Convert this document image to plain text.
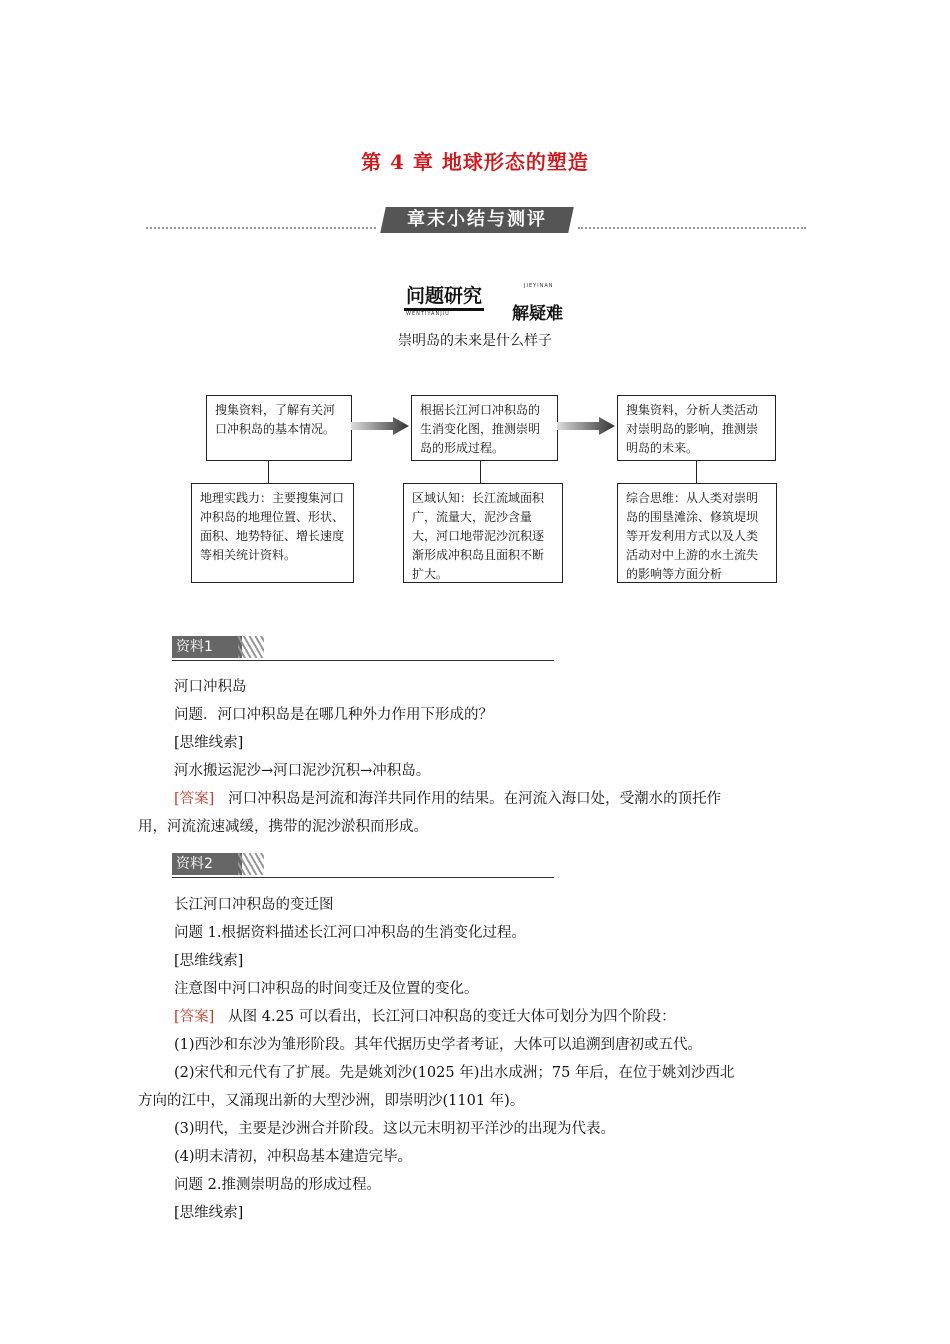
第 4 章 地球形态的塑造
章末小结与测评
问题研究	JIEYINAN
WENTIYANJIU	解疑难
崇明岛的未来是什么样子
搜集资料，了解有关河口冲积岛的基本情况。
根据长江河口冲积岛的生消变化图，推测崇明岛的形成过程。
搜集资料，分析人类活动对崇明岛的影响，推测崇明岛的未来。
地理实践力：主要搜集河口冲积岛的地理位置、形状、面积、地势特征、增长速度等相关统计资料。
区域认知：长江流域面积广，流量大，泥沙含量大，河口地带泥沙沉积逐渐形成冲积岛且面积不断扩大。
综合思维：从人类对崇明岛的围垦滩涂、修筑堤坝等开发利用方式以及人类活动对中上游的水土流失的影响等方面分析
资料1
河口冲积岛
问题．河口冲积岛是在哪几种外力作用下形成的？
[思维线索]
河水搬运泥沙→河口泥沙沉积→冲积岛。
[答案] 河口冲积岛是河流和海洋共同作用的结果。在河流入海口处，受潮水的顶托作
用，河流流速减缓，携带的泥沙淤积而形成。
资料2
长江河口冲积岛的变迁图
问题 1.根据资料描述长江河口冲积岛的生消变化过程。
[思维线索]
注意图中河口冲积岛的时间变迁及位置的变化。
[答案] 从图 4.25 可以看出，长江河口冲积岛的变迁大体可划分为四个阶段：
(1)西沙和东沙为雏形阶段。其年代据历史学者考证，大体可以追溯到唐初或五代。
(2)宋代和元代有了扩展。先是姚刘沙(1025 年)出水成洲；75 年后，在位于姚刘沙西北
方向的江中，又涌现出新的大型沙洲，即崇明沙(1101 年)。
(3)明代，主要是沙洲合并阶段。这以元末明初平洋沙的出现为代表。
(4)明末清初，冲积岛基本建造完毕。
问题 2.推测崇明岛的形成过程。
[思维线索]
